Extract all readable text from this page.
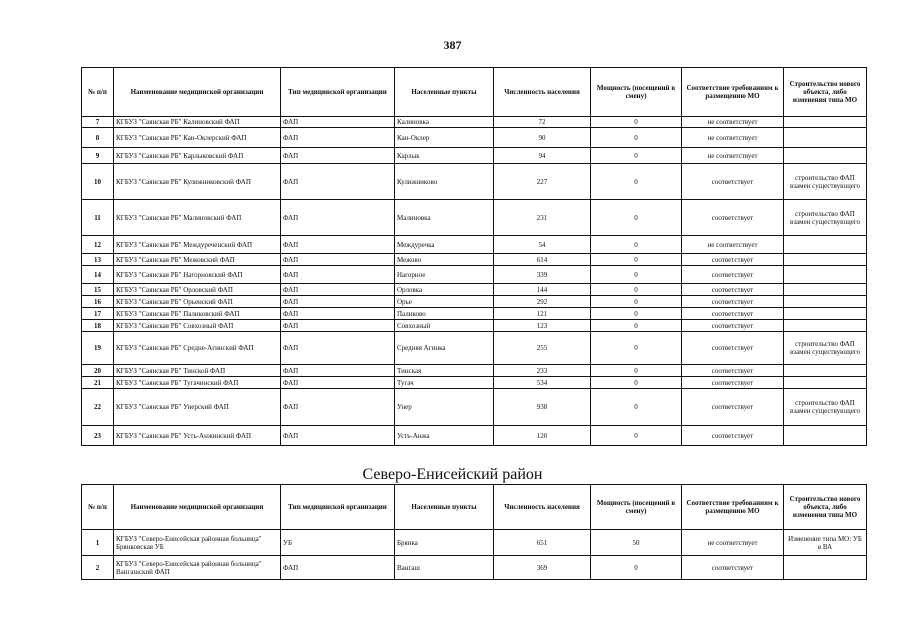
387
№ п/п	Наименование медицинской организации	Тип медицинской организации	Населенные пункты	Численность населения	Мощность (посещений в смену)	Соответствие требованиям к размещению МО	Строительство нового объекта, либо изменения типа МО
7	КГБУЗ "Саянская РБ" Калиновский ФАП	ФАП	Калиновка	72	0	не соответствует	
8	КГБУЗ "Саянская РБ" Кан-Оклерский ФАП	ФАП	Кан-Оклер	90	0	не соответствует	
9	КГБУЗ "Саянская РБ" Карлыковский ФАП	ФАП	Карлык	94	0	не соответствует	
10	КГБУЗ "Саянская РБ" Кулижниковский ФАП	ФАП	Кулижниково	227	0	соответствует	строительство ФАП взамен существующего
11	КГБУЗ "Саянская РБ" Малиновский ФАП	ФАП	Малиновка	231	0	соответствует	строительство ФАП взамен существующего
12	КГБУЗ "Саянская РБ" Междуреченский ФАП	ФАП	Междуречка	54	0	не соответствует	
13	КГБУЗ "Саянская РБ" Межовский ФАП	ФАП	Межово	614	0	соответствует	
14	КГБУЗ "Саянская РБ" Нагорновский ФАП	ФАП	Нагорное	339	0	соответствует	
15	КГБУЗ "Саянская РБ" Орловский ФАП	ФАП	Орловка	144	0	соответствует	
16	КГБУЗ "Саянская РБ" Орьеиский ФАП	ФАП	Орье	292	0	соответствует	
17	КГБУЗ "Саянская РБ" Паликовский ФАП	ФАП	Паликово	121	0	соответствует	
18	КГБУЗ "Саянская РБ" Совхозный ФАП	ФАП	Совхозный	123	0	соответствует	
19	КГБУЗ "Саянская РБ" Средне-Агинский ФАП	ФАП	Средняя Агинка	255	0	соответствует	строительство ФАП взамен существующего
20	КГБУЗ "Саянская РБ" Тинской ФАП	ФАП	Тинская	233	0	соответствует	
21	КГБУЗ "Саянская РБ" Тугачинский ФАП	ФАП	Тугач	534	0	соответствует	
22	КГБУЗ "Саянская РБ" Унерский ФАП	ФАП	Унер	938	0	соответствует	строительство ФАП взамен существующего
23	КГБУЗ "Саянская РБ" Усть-Анжинский ФАП	ФАП	Усть-Анжа	120	0	соответствует	
Северо-Енисейский район
№ п/п	Наименование медицинской организации	Тип медицинской организации	Населенные пункты	Численность населения	Мощность (посещений в смену)	Соответствие требованиям к размещению МО	Строительство нового объекта, либо изменения типа МО
1	КГБУЗ "Северо-Енисейская районная больница" Брянковская УБ	УБ	Брянка	651	50	не соответствует	Изменение типа МО: УБ в ВА
2	КГБУЗ "Северо-Енисейская районная больница" Вангашский ФАП	ФАП	Вангаш	369	0	соответствует	
